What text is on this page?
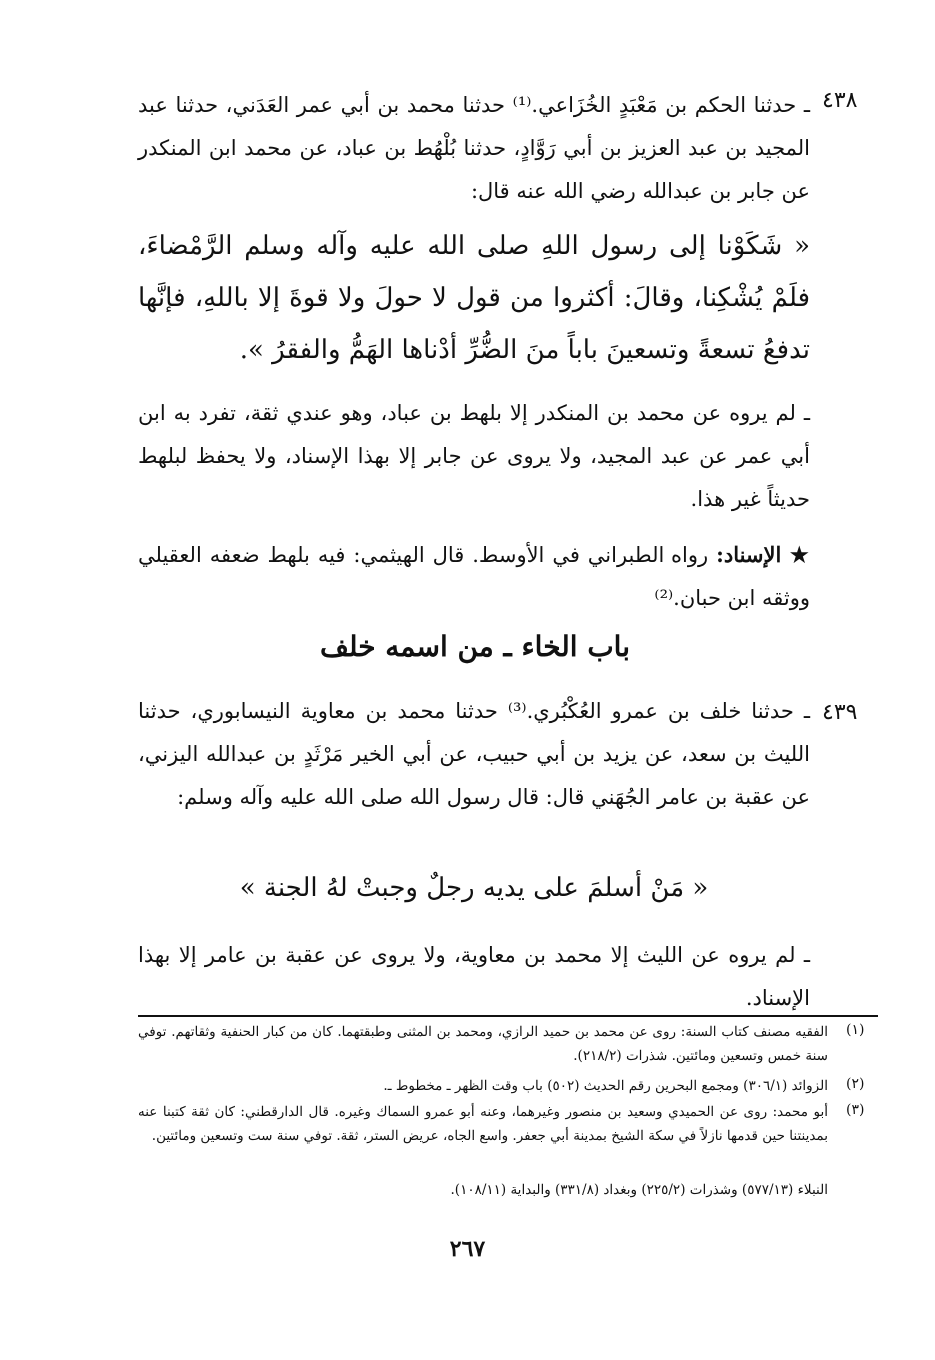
٤٣٨
ـ حدثنا الحكم بن مَعْبَدٍ الخُزَاعي.⁽¹⁾ حدثنا محمد بن أبي عمر العَدَني، حدثنا عبد المجيد بن عبد العزيز بن أبي رَوَّادٍ، حدثنا بُلْهُط بن عباد، عن محمد ابن المنكدر عن جابر بن عبدالله رضي الله عنه قال:
« شَكَوْنا إلى رسول اللهِ صلى الله عليه وآله وسلم الرَّمْضاءَ، فلَمْ يُشْكِنا، وقالَ: أكثروا من قول لا حولَ ولا قوةَ إلا باللهِ، فإنَّها تدفعُ تسعةً وتسعينَ باباً منَ الضُّرِّ أدْناها الهَمُّ والفقرُ ».
ـ لم يروه عن محمد بن المنكدر إلا بلهط بن عباد، وهو عندي ثقة، تفرد به ابن أبي عمر عن عبد المجيد، ولا يروى عن جابر إلا بهذا الإسناد، ولا يحفظ لبلهط حديثاً غير هذا.
★ الإسناد: رواه الطبراني في الأوسط. قال الهيثمي: فيه بلهط ضعفه العقيلي ووثقه ابن حبان.⁽²⁾
باب الخاء ـ من اسمه خلف
٤٣٩
ـ حدثنا خلف بن عمرو العُكْبُري.⁽³⁾ حدثنا محمد بن معاوية النيسابوري، حدثنا الليث بن سعد، عن يزيد بن أبي حبيب، عن أبي الخير مَرْثَدٍ بن عبدالله اليزني، عن عقبة بن عامر الجُهَني قال: قال رسول الله صلى الله عليه وآله وسلم:
« مَنْ أسلمَ على يديه رجلٌ وجبتْ لهُ الجنة »
ـ لم يروه عن الليث إلا محمد بن معاوية، ولا يروى عن عقبة بن عامر إلا بهذا الإسناد.
(١)
الفقيه مصنف كتاب السنة: روى عن محمد بن حميد الرازي، ومحمد بن المثنى وطبقتهما. كان من كبار الحنفية وثقاتهم. توفي سنة خمس وتسعين ومائتين. شذرات (٢١٨/٢).
(٢)
الزوائد (٣٠٦/١) ومجمع البحرين رقم الحديث (٥٠٢) باب وقت الظهر ـ مخطوط ـ.
(٣)
أبو محمد: روى عن الحميدي وسعيد بن منصور وغيرهما، وعنه أبو عمرو السماك وغيره. قال الدارقطني: كان ثقة كتبنا عنه بمدينتنا حين قدمها نازلاً في سكة الشيخ بمدينة أبي جعفر. واسع الجاه، عريض الستر، ثقة. توفي سنة ست وتسعين ومائتين.
النبلاء (٥٧٧/١٣) وشذرات (٢٢٥/٢) وبغداد (٣٣١/٨) والبداية (١٠٨/١١).
٢٦٧
